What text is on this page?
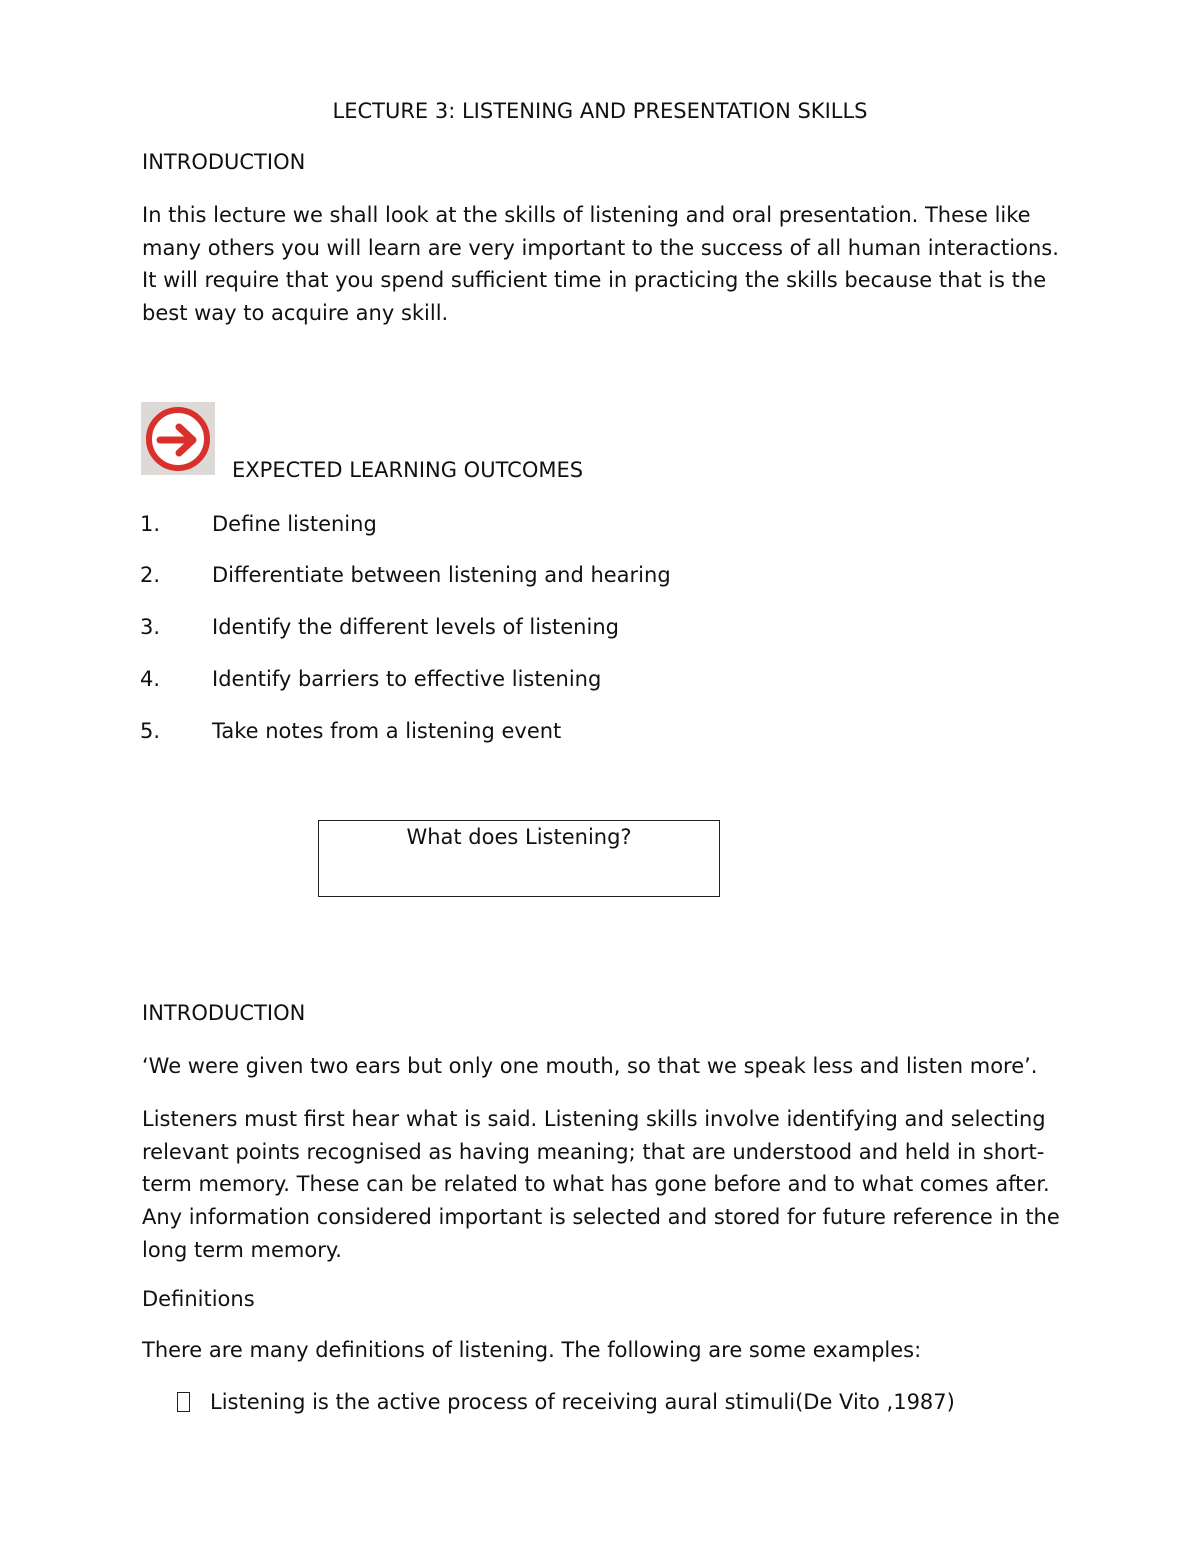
LECTURE 3: LISTENING AND PRESENTATION SKILLS
INTRODUCTION
In this lecture we shall look at the skills of listening and oral presentation. These like many others you will learn are very important to the success of all human interactions. It will require that you spend sufficient time in practicing the skills because that is the best way to acquire any skill.
EXPECTED LEARNING OUTCOMES
1. Define listening
2. Differentiate between listening and hearing
3. Identify the different levels of listening
4. Identify barriers to effective listening
5. Take notes from a listening event
What does Listening?
INTRODUCTION
‘We were given two ears but only one mouth, so that we speak less and listen more’.
Listeners must first hear what is said. Listening skills involve identifying and selecting relevant points recognised as having meaning; that are understood and held in short-term memory. These can be related to what has gone before and to what comes after. Any information considered important is selected and stored for future reference in the long term memory.
Definitions
There are many definitions of listening. The following are some examples:
Listening is the active process of receiving aural stimuli(De Vito ,1987)
